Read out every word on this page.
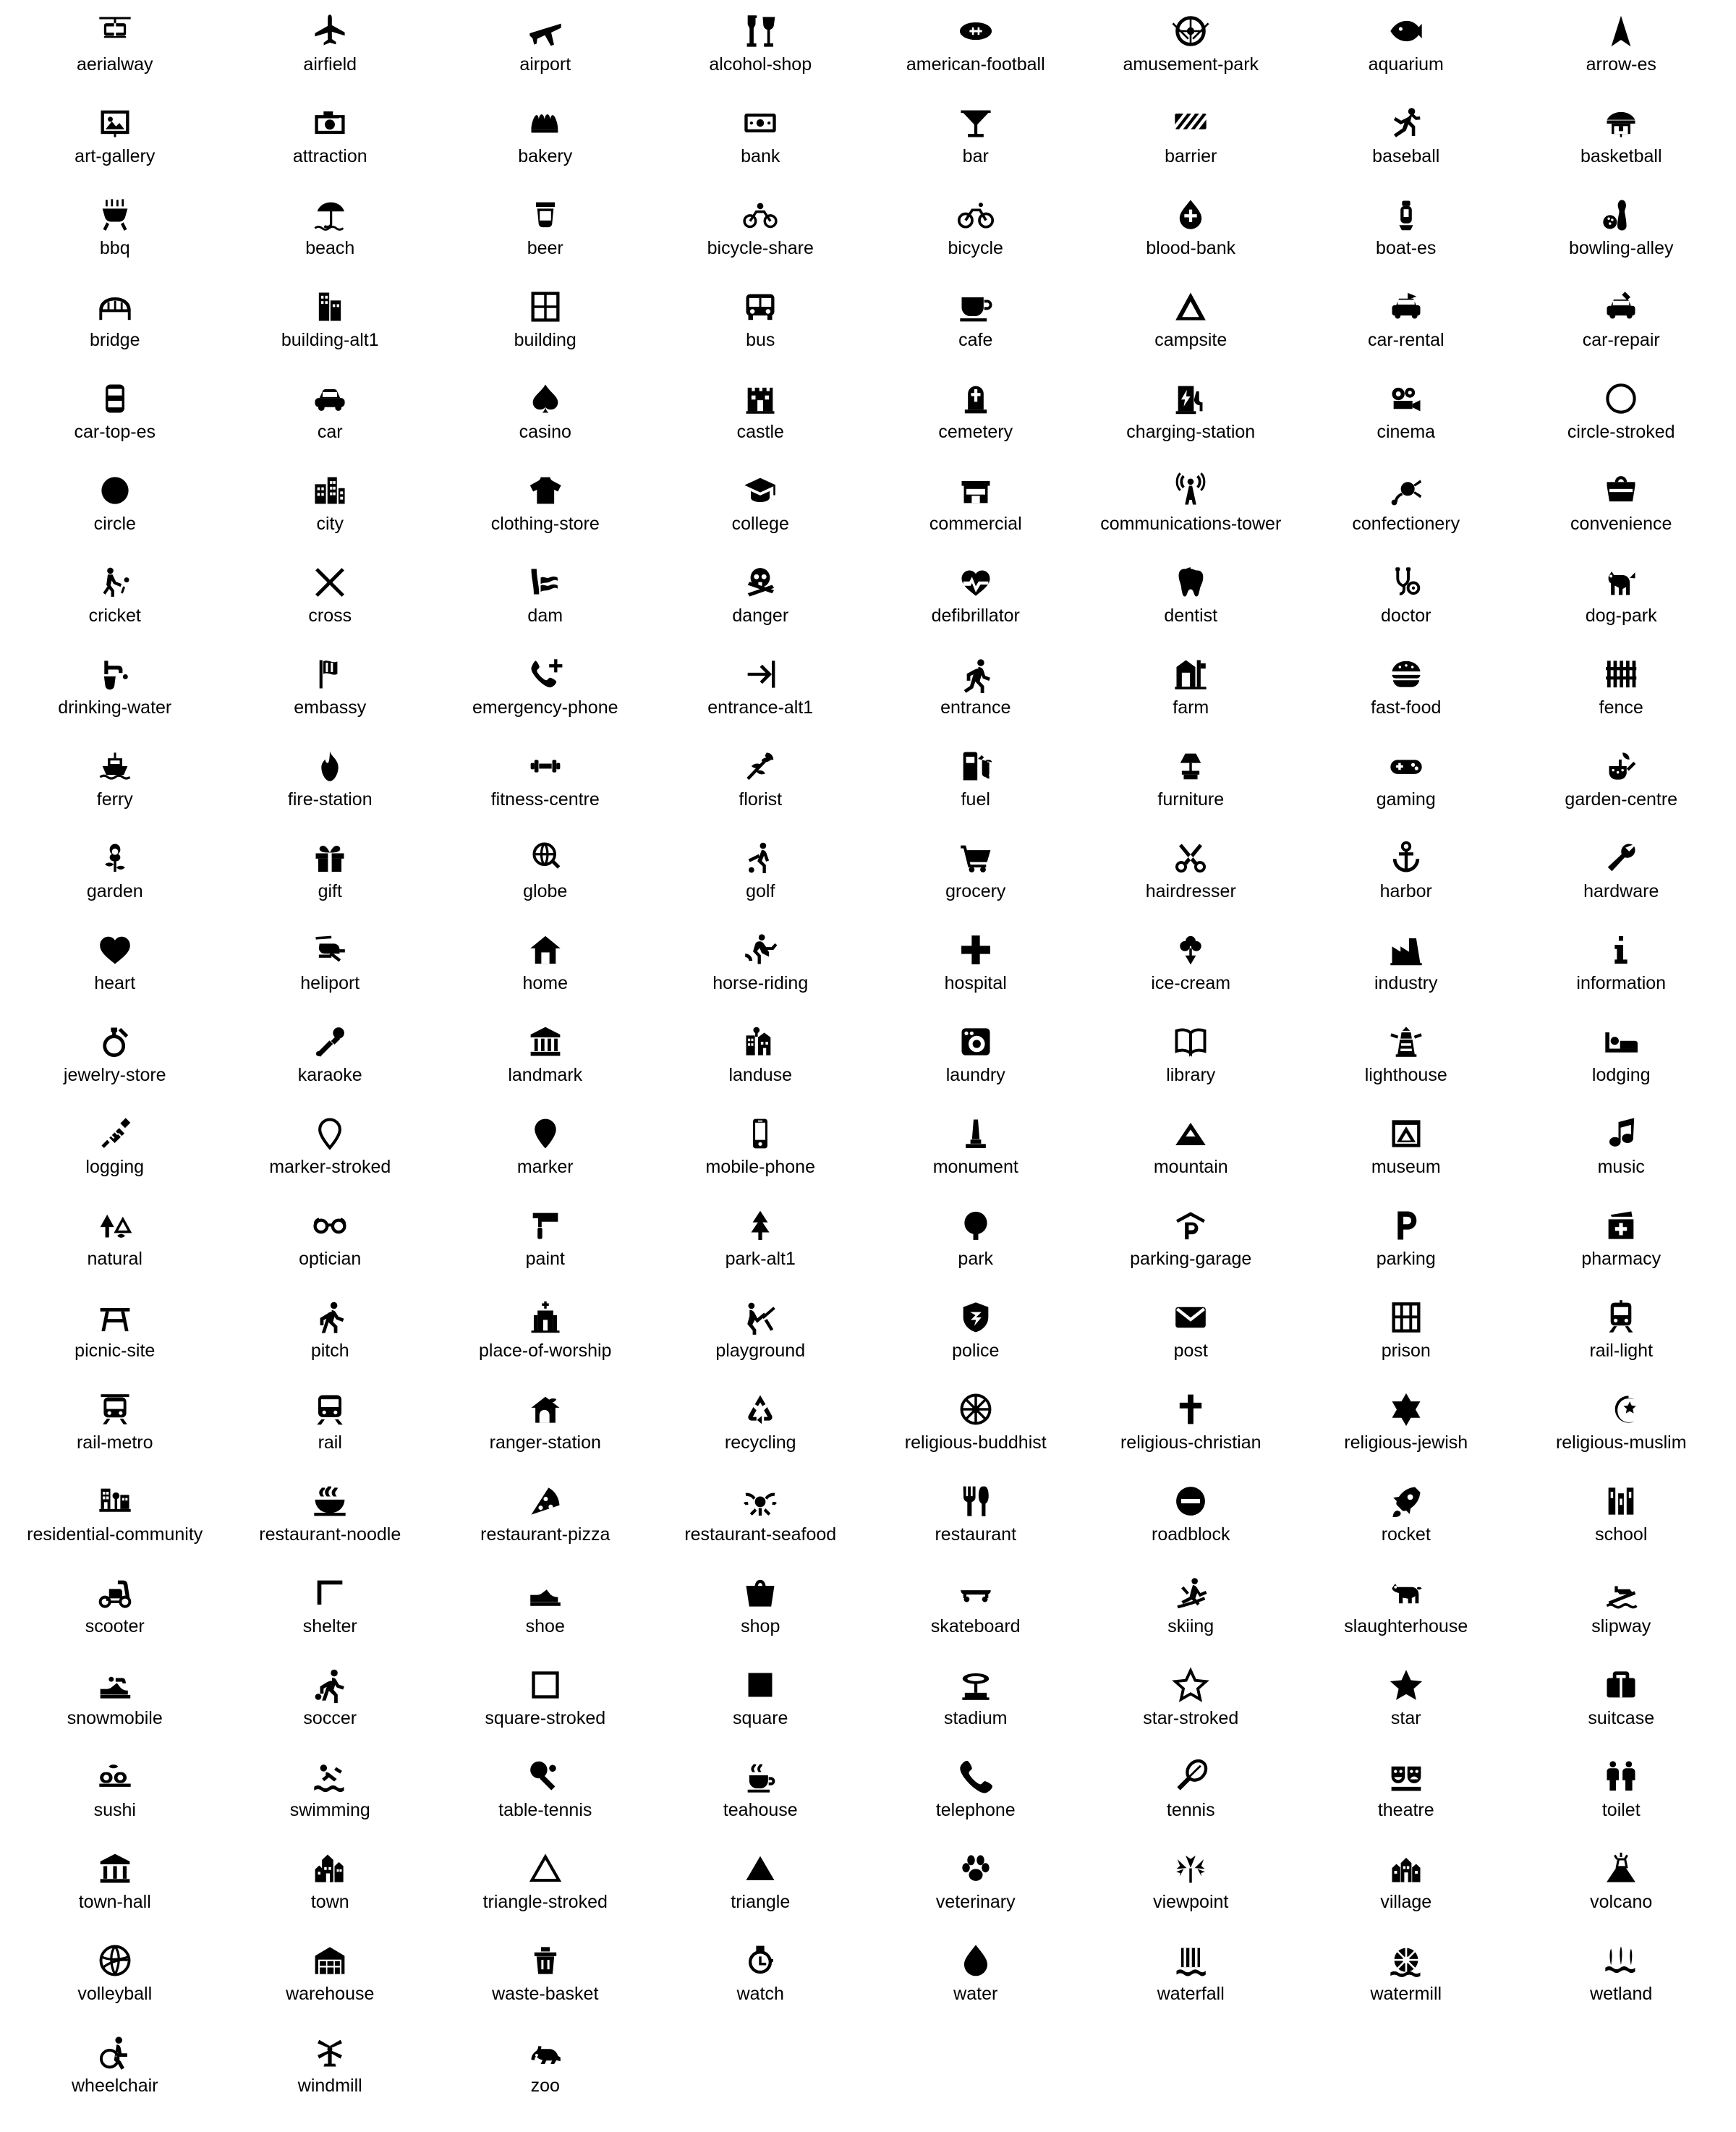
aerialway	airfield	airport	alcohol-shop	american-football	amusement-park	aquarium	arrow-es
art-gallery	attraction	bakery	bank	bar	barrier	baseball	basketball
bbq	beach	beer	bicycle-share	bicycle	blood-bank	boat-es	bowling-alley
bridge	building-alt1	building	bus	cafe	campsite	car-rental	car-repair
car-top-es	car	casino	castle	cemetery	charging-station	cinema	circle-stroked
circle	city	clothing-store	college	commercial	communications-tower	confectionery	convenience
cricket	cross	dam	danger	defibrillator	dentist	doctor	dog-park
drinking-water	embassy	emergency-phone	entrance-alt1	entrance	farm	fast-food	fence
ferry	fire-station	fitness-centre	florist	fuel	furniture	gaming	garden-centre
garden	gift	globe	golf	grocery	hairdresser	harbor	hardware
heart	heliport	home	horse-riding	hospital	ice-cream	industry	information
jewelry-store	karaoke	landmark	landuse	laundry	library	lighthouse	lodging
logging	marker-stroked	marker	mobile-phone	monument	mountain	museum	music
natural	optician	paint	park-alt1	park	parking-garage	parking	pharmacy
picnic-site	pitch	place-of-worship	playground	police	post	prison	rail-light
rail-metro	rail	ranger-station	recycling	religious-buddhist	religious-christian	religious-jewish	religious-muslim
residential-community	restaurant-noodle	restaurant-pizza	restaurant-seafood	restaurant	roadblock	rocket	school
scooter	shelter	shoe	shop	skateboard	skiing	slaughterhouse	slipway
snowmobile	soccer	square-stroked	square	stadium	star-stroked	star	suitcase
sushi	swimming	table-tennis	teahouse	telephone	tennis	theatre	toilet
town-hall	town	triangle-stroked	triangle	veterinary	viewpoint	village	volcano
volleyball	warehouse	waste-basket	watch	water	waterfall	watermill	wetland
wheelchair	windmill	zoo
